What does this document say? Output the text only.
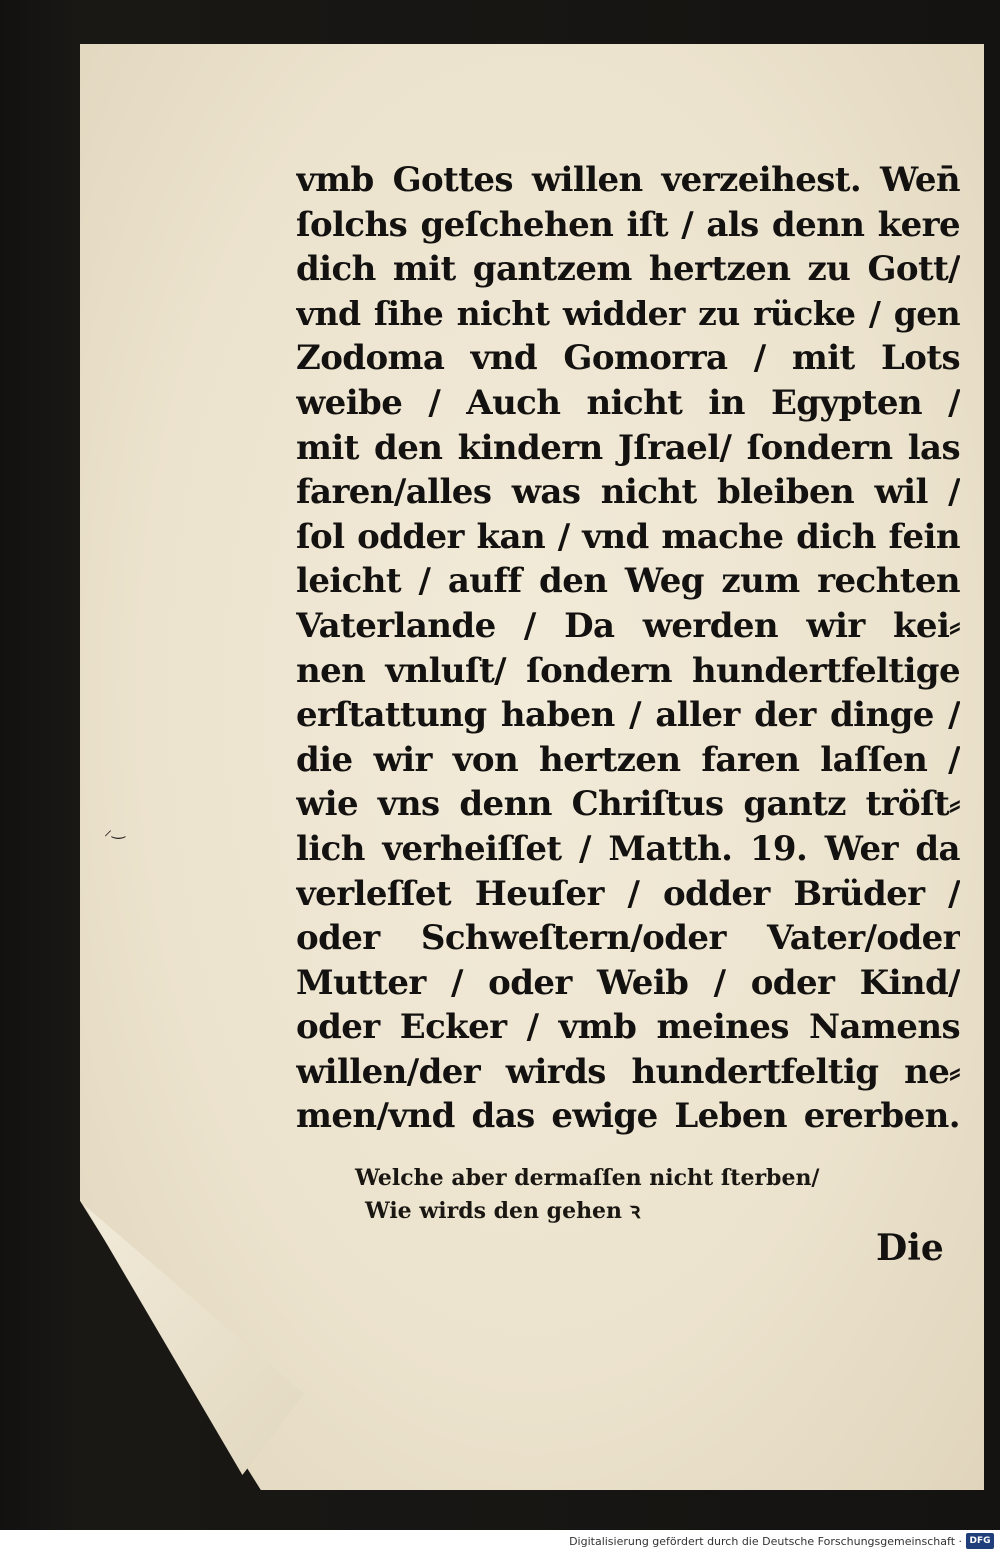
⸝‿
vmb Gottes willen verzeihest. Wen̄
ſolchs geſchehen iſt / als denn kere
dich mit gantzem hertzen zu Gott/
vnd ſihe nicht widder zu rücke / gen
Zodoma vnd Gomorra / mit Lots
weibe / Auch nicht in Egypten /
mit den kindern Jſrael/ ſondern las
faren/alles was nicht bleiben wil /
ſol odder kan / vnd mache dich fein
leicht / auff den Weg zum rechten
Vaterlande / Da werden wir kei⸗
nen vnluſt/ ſondern hundertfeltige
erſtattung haben / aller der dinge /
die wir von hertzen faren laſſen /
wie vns denn Chriſtus gantz tröſt⸗
lich verheiſſet / Matth. 19. Wer da
verleſſet Heuſer / odder Brüder /
oder Schweſtern/oder Vater/oder
Mutter / oder Weib / oder Kind/
oder Ecker / vmb meines Namens
willen/der wirds hundertfeltig ne⸗
men/vnd das ewige Leben ererben.
Welche aber dermaſſen nicht ſterben/
Wie wirds den gehen ꝛ
Die
Digitalisierung gefördert durch die Deutsche Forschungsgemeinschaft · DFG
